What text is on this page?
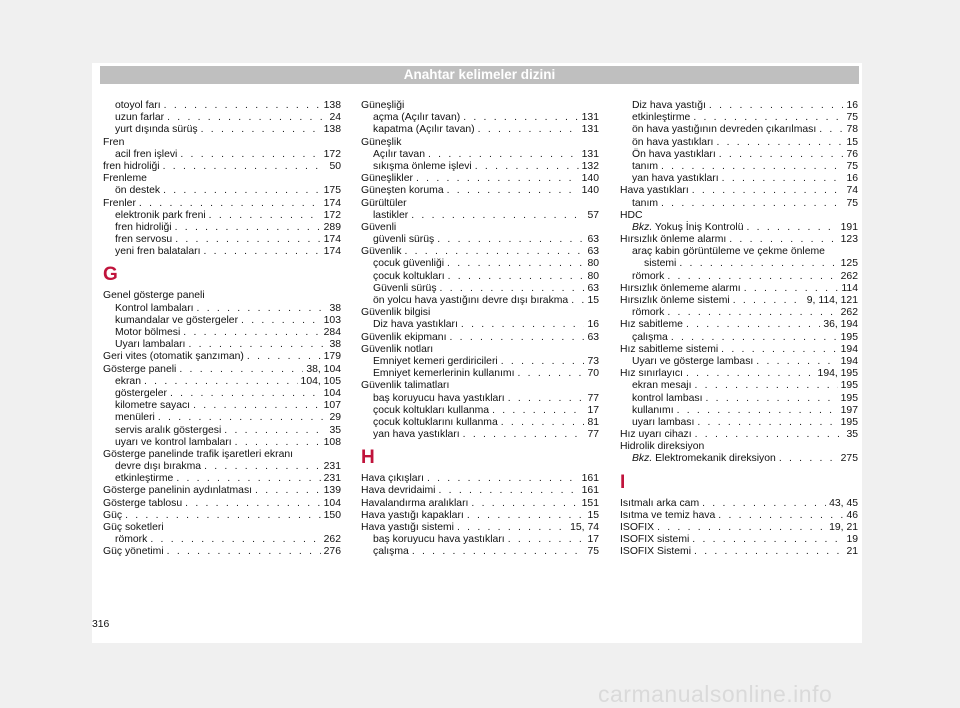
Anahtar kelimeler dizini
otoyol farı . . .	138
uzun farlar . . .	24
yurt dışında sürüş . . .	138
Fren
acil fren işlevi . . .	172
fren hidroliği . . .	50
Frenleme
ön destek . . .	175
Frenler . . .	174
elektronik park freni . . .	172
fren hidroliği . . .	289
fren servosu . . .	174
yeni fren balataları . . .	174
G
Genel gösterge paneli
Kontrol lambaları . . .	38
kumandalar ve göstergeler . . .	103
Motor bölmesi . . .	284
Uyarı lambaları . . .	38
Geri vites (otomatik şanzıman) . . .	179
Gösterge paneli . . .	38, 104
ekran . . .	104, 105
göstergeler . . .	104
kilometre sayacı . . .	107
menüleri . . .	29
servis aralık göstergesi . . .	35
uyarı ve kontrol lambaları . . .	108
Gösterge panelinde trafik işaretleri ekranı
devre dışı bırakma . . .	231
etkinleştirme . . .	231
Gösterge panelinin aydınlatması . . .	139
Gösterge tablosu . . .	104
Güç . . .	150
Güç soketleri
römork . . .	262
Güç yönetimi . . .	276
Güneşliği
açma (Açılır tavan) . . .	131
kapatma (Açılır tavan) . . .	131
Güneşlik
Açılır tavan . . .	131
sıkışma önleme işlevi . . .	132
Güneşlikler . . .	140
Güneşten koruma . . .	140
Gürültüler
lastikler . . .	57
Güvenli
güvenli sürüş . . .	63
Güvenlik . . .	63
çocuk güvenliği . . .	80
çocuk koltukları . . .	80
Güvenli sürüş . . .	63
ön yolcu hava yastığını devre dışı bırakma . . . 15
Güvenlik bilgisi
Diz hava yastıkları . . .	16
Güvenlik ekipmanı . . .	63
Güvenlik notları
Emniyet kemeri gerdiricileri . . .	73
Emniyet kemerlerinin kullanımı . . .	70
Güvenlik talimatları
baş koruyucu hava yastıkları . . .	77
çocuk koltukları kullanma . . .	17
çocuk koltuklarını kullanma . . .	81
yan hava yastıkları . . .	77
H
Hava çıkışları . . .	161
Hava devridaimi . . .	161
Havalandırma aralıkları . . .	151
Hava yastığı kapakları . . .	15
Hava yastığı sistemi . . .	15, 74
baş koruyucu hava yastıkları . . .	17
çalışma . . .	75
Diz hava yastığı . . .	16
etkinleştirme . . .	75
ön hava yastığının devreden çıkarılması . . .	78
ön hava yastıkları . . .	15
Ön hava yastıkları . . .	76
tanım . . .	75
yan hava yastıkları . . .	16
Hava yastıkları . . .	74
tanım . . .	75
HDC
Bkz. Yokuş İniş Kontrolü . . .	191
Hırsızlık önleme alarmı . . .	123
araç kabin görüntüleme ve çekme önleme
sistemi . . .	125
römork . . .	262
Hırsızlık önlememe alarmı . . .	114
Hırsızlık önleme sistemi . . .	9, 114, 121
römork . . .	262
Hız sabitleme . . .	36, 194
çalışma . . .	195
Hız sabitleme sistemi . . .	194
Uyarı ve gösterge lambası . . .	194
Hız sınırlayıcı . . .	194, 195
ekran mesajı . . .	195
kontrol lambası . . .	195
kullanımı . . .	197
uyarı lambası . . .	195
Hız uyarı cihazı . . .	35
Hidrolik direksiyon
Bkz. Elektromekanik direksiyon . . .	275
I
Isıtmalı arka cam . . .	43, 45
Isıtma ve temiz hava . . .	46
ISOFIX . . .	19, 21
ISOFIX sistemi . . .	19
ISOFIX Sistemi . . .	21
316
carmanualsonline.info
